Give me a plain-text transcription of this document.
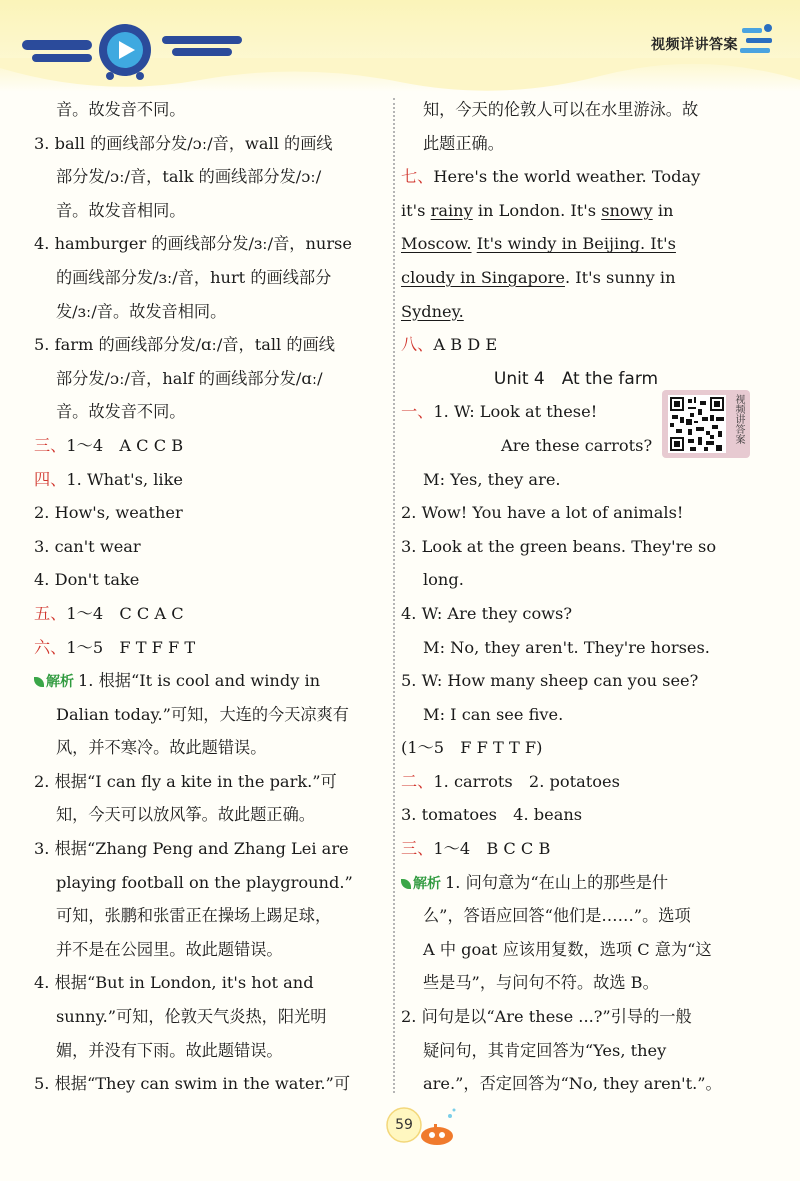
视频详讲答案
音。故发音不同。
3. ball 的画线部分发/ɔː/音，wall 的画线
部分发/ɔː/音，talk 的画线部分发/ɔː/
音。故发音相同。
4. hamburger 的画线部分发/ɜː/音，nurse
的画线部分发/ɜː/音，hurt 的画线部分
发/ɜː/音。故发音相同。
5. farm 的画线部分发/ɑː/音，tall 的画线
部分发/ɔː/音，half 的画线部分发/ɑː/
音。故发音不同。
三、1～4　A C C B
四、1. What's, like
2. How's, weather
3. can't wear
4. Don't take
五、1～4　C C A C
六、1～5　F T F F T
解析 1. 根据“It is cool and windy in
Dalian today.”可知，大连的今天凉爽有
风，并不寒冷。故此题错误。
2. 根据“I can fly a kite in the park.”可
知，今天可以放风筝。故此题正确。
3. 根据“Zhang Peng and Zhang Lei are
playing football on the playground.”
可知，张鹏和张雷正在操场上踢足球，
并不是在公园里。故此题错误。
4. 根据“But in London, it's hot and
sunny.”可知，伦敦天气炎热，阳光明
媚，并没有下雨。故此题错误。
5. 根据“They can swim in the water.”可
知，今天的伦敦人可以在水里游泳。故
此题正确。
七、Here's the world weather. Today
it's rainy in London. It's snowy in
Moscow. It's windy in Beijing. It's
cloudy in Singapore. It's sunny in
Sydney.
八、A B D E
Unit 4　At the farm
一、1. W: Look at these!
Are these carrots?
M: Yes, they are.
2. Wow! You have a lot of animals!
3. Look at the green beans. They're so
long.
4. W: Are they cows?
M: No, they aren't. They're horses.
5. W: How many sheep can you see?
M: I can see five.
(1～5　F F T T F)
二、1. carrots　2. potatoes
3. tomatoes　4. beans
三、1～4　B C C B
解析 1. 问句意为“在山上的那些是什
么”，答语应回答“他们是……”。选项
A 中 goat 应该用复数，选项 C 意为“这
些是马”，与问句不符。故选 B。
2. 问句是以“Are these ...?”引导的一般
疑问句，其肯定回答为“Yes, they
are.”，否定回答为“No, they aren't.”。
视频讲答案
59
